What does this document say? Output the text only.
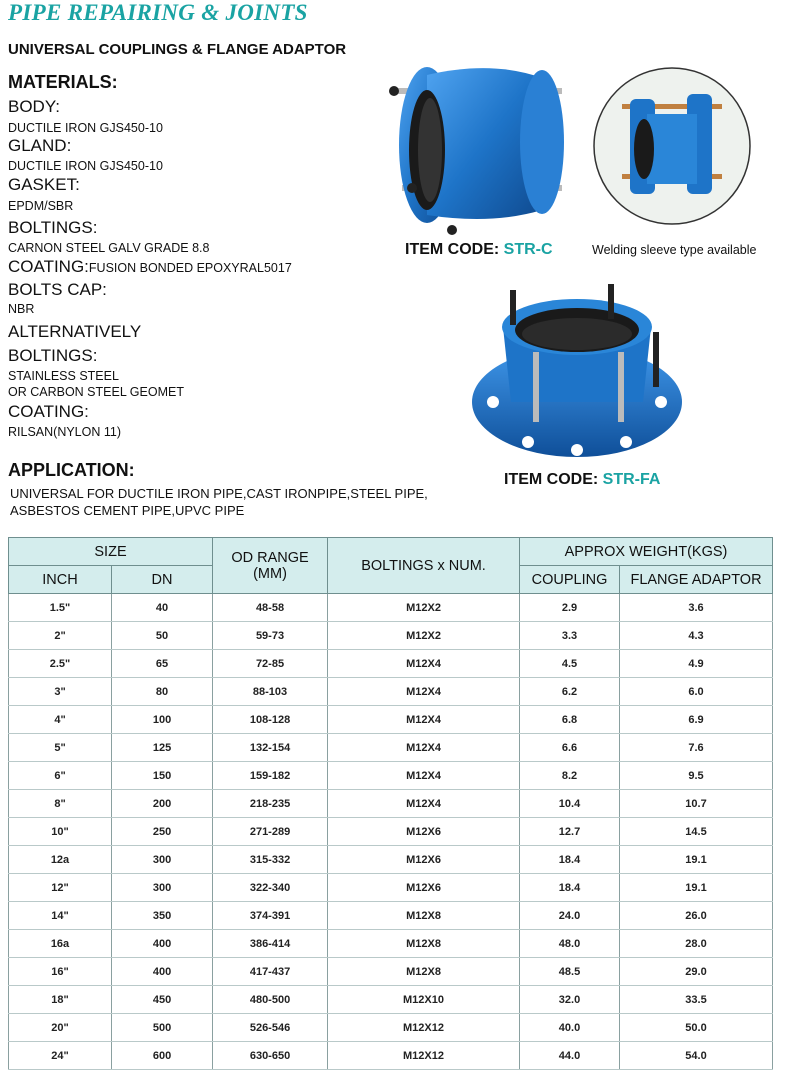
PIPE REPAIRING & JOINTS
UNIVERSAL COUPLINGS & FLANGE ADAPTOR
MATERIALS:
BODY:
DUCTILE IRON GJS450-10
GLAND:
DUCTILE IRON GJS450-10
GASKET:
EPDM/SBR
BOLTINGS:
CARNON STEEL GALV GRADE 8.8
COATING:FUSION BONDED EPOXYRAL5017
BOLTS CAP:
NBR
ALTERNATIVELY
BOLTINGS:
STAINLESS STEEL
OR CARBON STEEL GEOMET
COATING:
RILSAN(NYLON 11)
APPLICATION:
UNIVERSAL FOR DUCTILE IRON PIPE,CAST IRONPIPE,STEEL PIPE,
ASBESTOS CEMENT PIPE,UPVC PIPE
ITEM CODE: STR-C	Welding sleeve type available
ITEM CODE: STR-FA
SIZE		OD RANGE
(MM)	BOLTINGS x NUM.	APPROX WEIGHT(KGS)	
INCH	DN			COUPLING	FLANGE ADAPTOR
1.5"	40	48-58	M12X2	2.9	3.6
2"	50	59-73	M12X2	3.3	4.3
2.5"	65	72-85	M12X4	4.5	4.9
3"	80	88-103	M12X4	6.2	6.0
4"	100	108-128	M12X4	6.8	6.9
5"	125	132-154	M12X4	6.6	7.6
6"	150	159-182	M12X4	8.2	9.5
8"	200	218-235	M12X4	10.4	10.7
10"	250	271-289	M12X6	12.7	14.5
12a	300	315-332	M12X6	18.4	19.1
12"	300	322-340	M12X6	18.4	19.1
14"	350	374-391	M12X8	24.0	26.0
16a	400	386-414	M12X8	48.0	28.0
16"	400	417-437	M12X8	48.5	29.0
18"	450	480-500	M12X10	32.0	33.5
20"	500	526-546	M12X12	40.0	50.0
24"	600	630-650	M12X12	44.0	54.0
